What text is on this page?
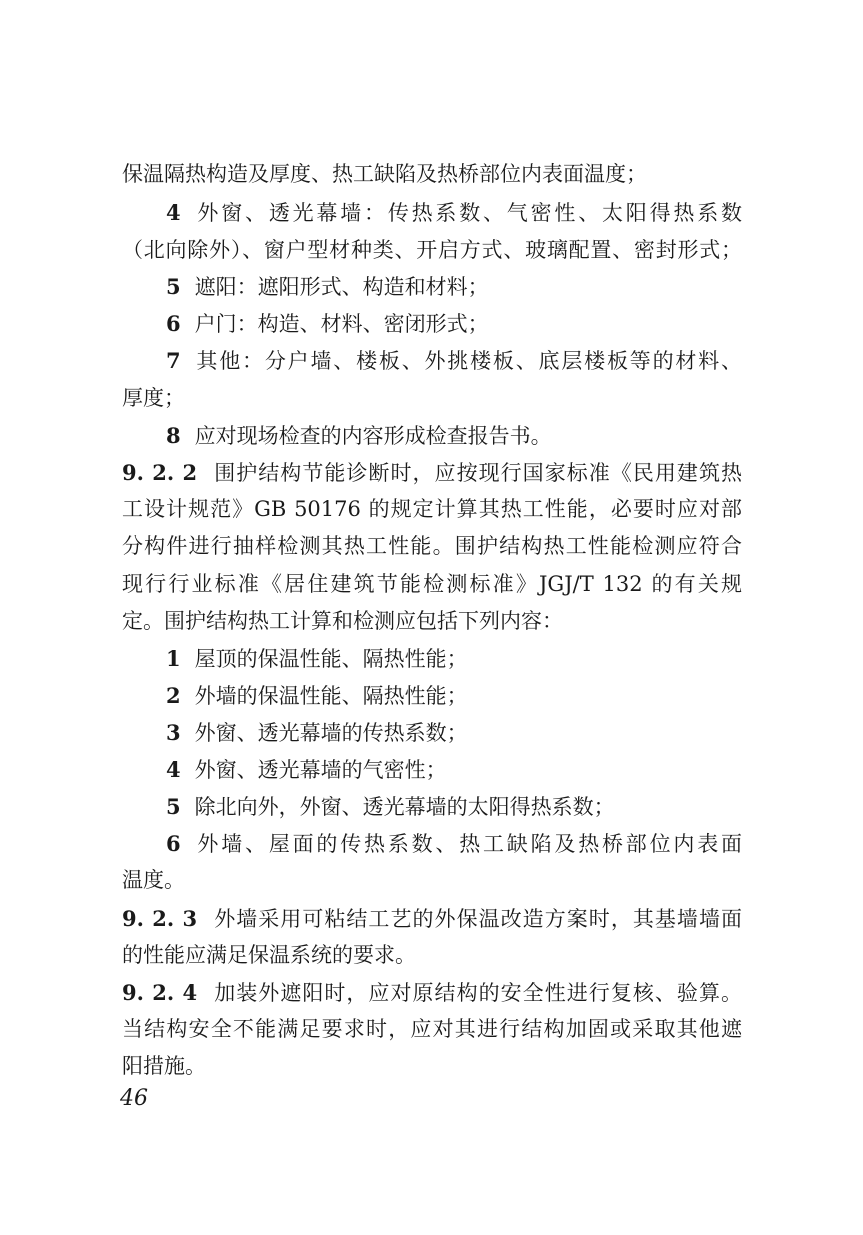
保温隔热构造及厚度、热工缺陷及热桥部位内表面温度；
4 外窗、透光幕墙：传热系数、气密性、太阳得热系数
（北向除外）、窗户型材种类、开启方式、玻璃配置、密封形式；
5 遮阳：遮阳形式、构造和材料；
6 户门：构造、材料、密闭形式；
7 其他：分户墙、楼板、外挑楼板、底层楼板等的材料、
厚度；
8 应对现场检查的内容形成检查报告书。
9. 2. 2 围护结构节能诊断时，应按现行国家标准《民用建筑热
工设计规范》GB 50176 的规定计算其热工性能，必要时应对部
分构件进行抽样检测其热工性能。围护结构热工性能检测应符合
现行行业标准《居住建筑节能检测标准》JGJ/T 132 的有关规
定。围护结构热工计算和检测应包括下列内容：
1 屋顶的保温性能、隔热性能；
2 外墙的保温性能、隔热性能；
3 外窗、透光幕墙的传热系数；
4 外窗、透光幕墙的气密性；
5 除北向外，外窗、透光幕墙的太阳得热系数；
6 外墙、屋面的传热系数、热工缺陷及热桥部位内表面
温度。
9. 2. 3 外墙采用可粘结工艺的外保温改造方案时，其基墙墙面
的性能应满足保温系统的要求。
9. 2. 4 加装外遮阳时，应对原结构的安全性进行复核、验算。
当结构安全不能满足要求时，应对其进行结构加固或采取其他遮
阳措施。
46
